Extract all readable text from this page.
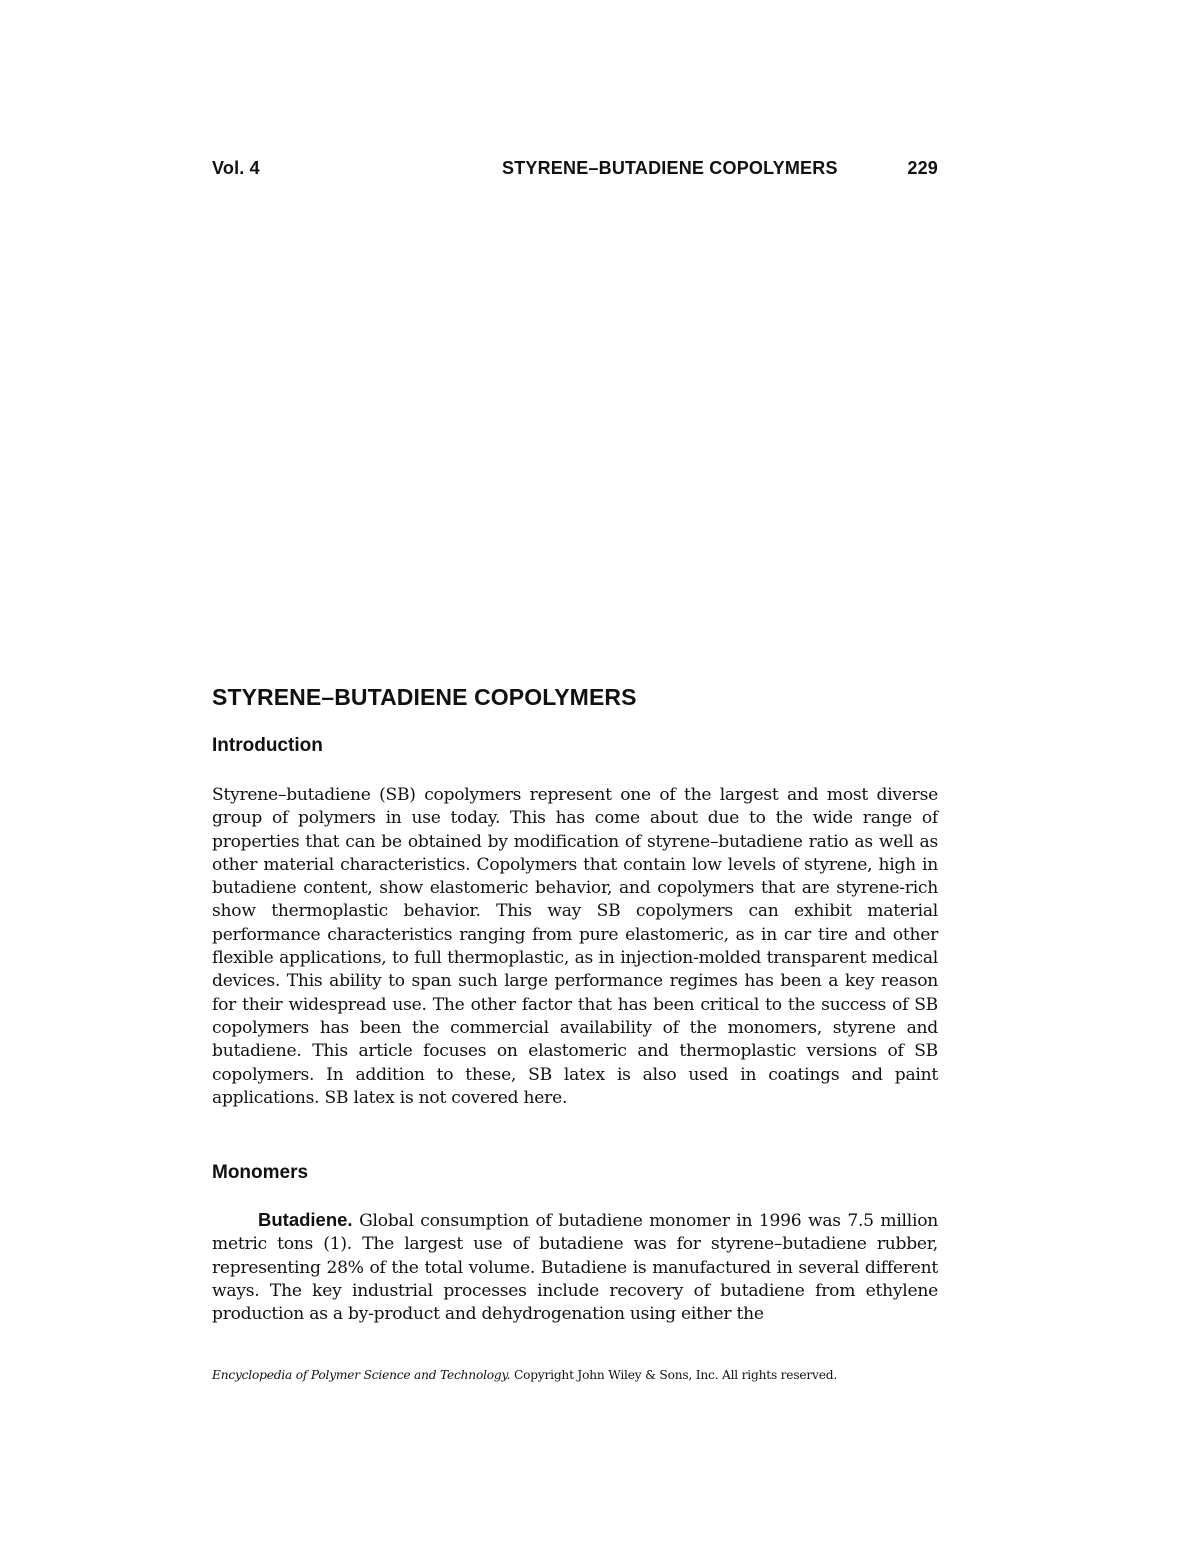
Vol. 4	STYRENE–BUTADIENE COPOLYMERS	229
STYRENE–BUTADIENE COPOLYMERS
Introduction

Styrene–butadiene (SB) copolymers represent one of the largest and most diverse group of polymers in use today. This has come about due to the wide range of properties that can be obtained by modification of styrene–butadiene ratio as well as other material characteristics. Copolymers that contain low levels of styrene, high in butadiene content, show elastomeric behavior, and copolymers that are styrene-rich show thermoplastic behavior. This way SB copolymers can exhibit material performance characteristics ranging from pure elastomeric, as in car tire and other flexible applications, to full thermoplastic, as in injection-molded transparent medical devices. This ability to span such large performance regimes has been a key reason for their widespread use. The other factor that has been critical to the success of SB copolymers has been the commercial availability of the monomers, styrene and butadiene. This article focuses on elastomeric and thermoplastic versions of SB copolymers. In addition to these, SB latex is also used in coatings and paint applications. SB latex is not covered here.

Monomers

Butadiene. Global consumption of butadiene monomer in 1996 was 7.5 million metric tons (1). The largest use of butadiene was for styrene–butadiene rubber, representing 28% of the total volume. Butadiene is manufactured in several different ways. The key industrial processes include recovery of butadiene from ethylene production as a by-product and dehydrogenation using either the

Encyclopedia of Polymer Science and Technology. Copyright John Wiley & Sons, Inc. All rights reserved.
